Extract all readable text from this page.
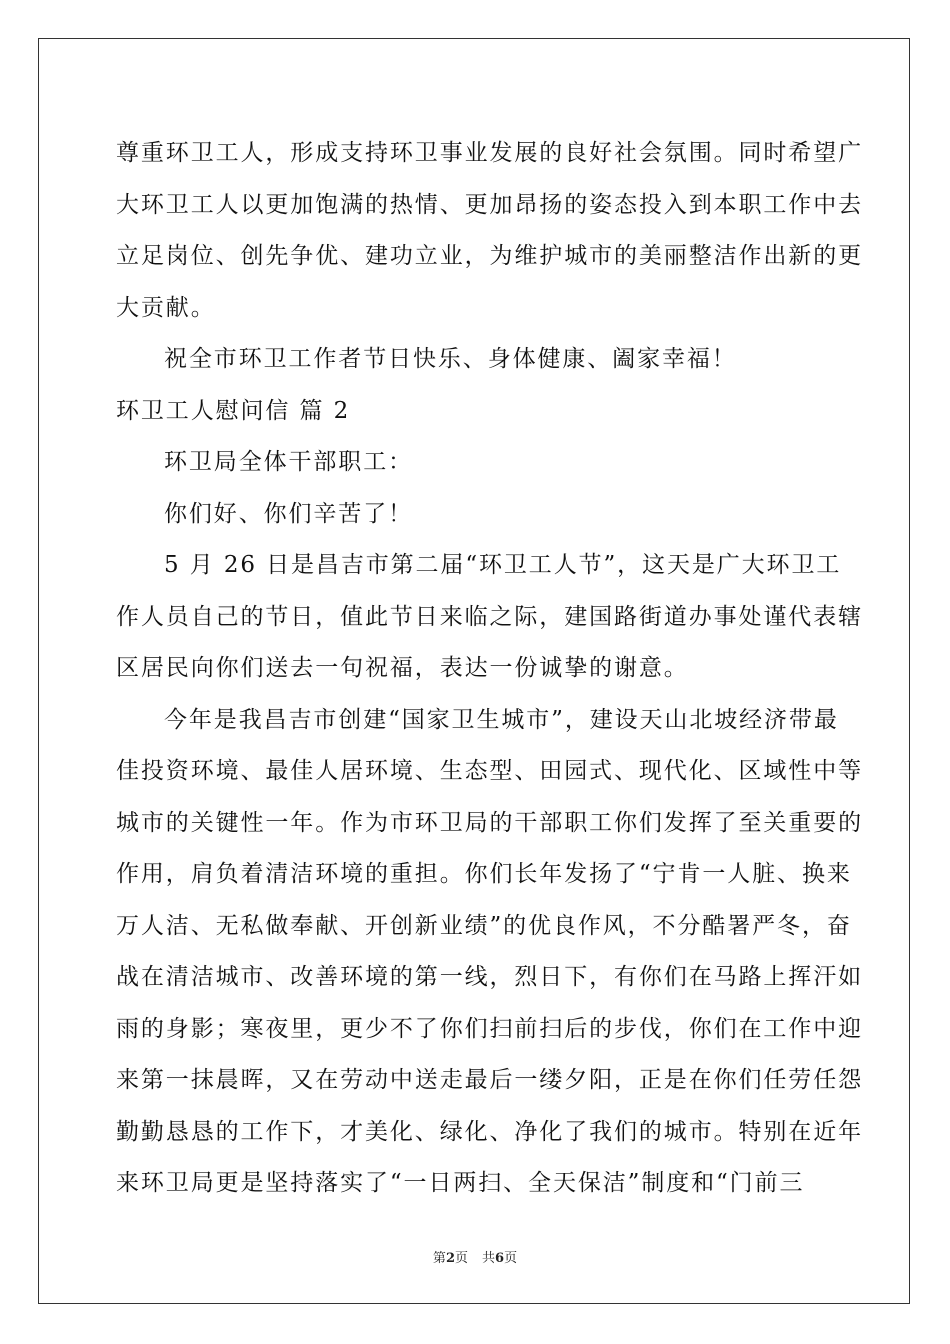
尊重环卫工人，形成支持环卫事业发展的良好社会氛围。同时希望广
大环卫工人以更加饱满的热情、更加昂扬的姿态投入到本职工作中去
立足岗位、创先争优、建功立业，为维护城市的美丽整洁作出新的更
大贡献。
祝全市环卫工作者节日快乐、身体健康、阖家幸福！
环卫工人慰问信 篇 2
环卫局全体干部职工：
你们好、你们辛苦了！
5 月 26 日是昌吉市第二届“环卫工人节”，这天是广大环卫工
作人员自己的节日，值此节日来临之际，建国路街道办事处谨代表辖
区居民向你们送去一句祝福，表达一份诚挚的谢意。
今年是我昌吉市创建“国家卫生城市”，建设天山北坡经济带最
佳投资环境、最佳人居环境、生态型、田园式、现代化、区域性中等
城市的关键性一年。作为市环卫局的干部职工你们发挥了至关重要的
作用，肩负着清洁环境的重担。你们长年发扬了“宁肯一人脏、换来
万人洁、无私做奉献、开创新业绩”的优良作风，不分酷署严冬，奋
战在清洁城市、改善环境的第一线，烈日下，有你们在马路上挥汗如
雨的身影；寒夜里，更少不了你们扫前扫后的步伐，你们在工作中迎
来第一抹晨晖，又在劳动中送走最后一缕夕阳，正是在你们任劳任怨
勤勤恳恳的工作下，才美化、绿化、净化了我们的城市。特别在近年
来环卫局更是坚持落实了“一日两扫、全天保洁”制度和“门前三
第2页 共6页
